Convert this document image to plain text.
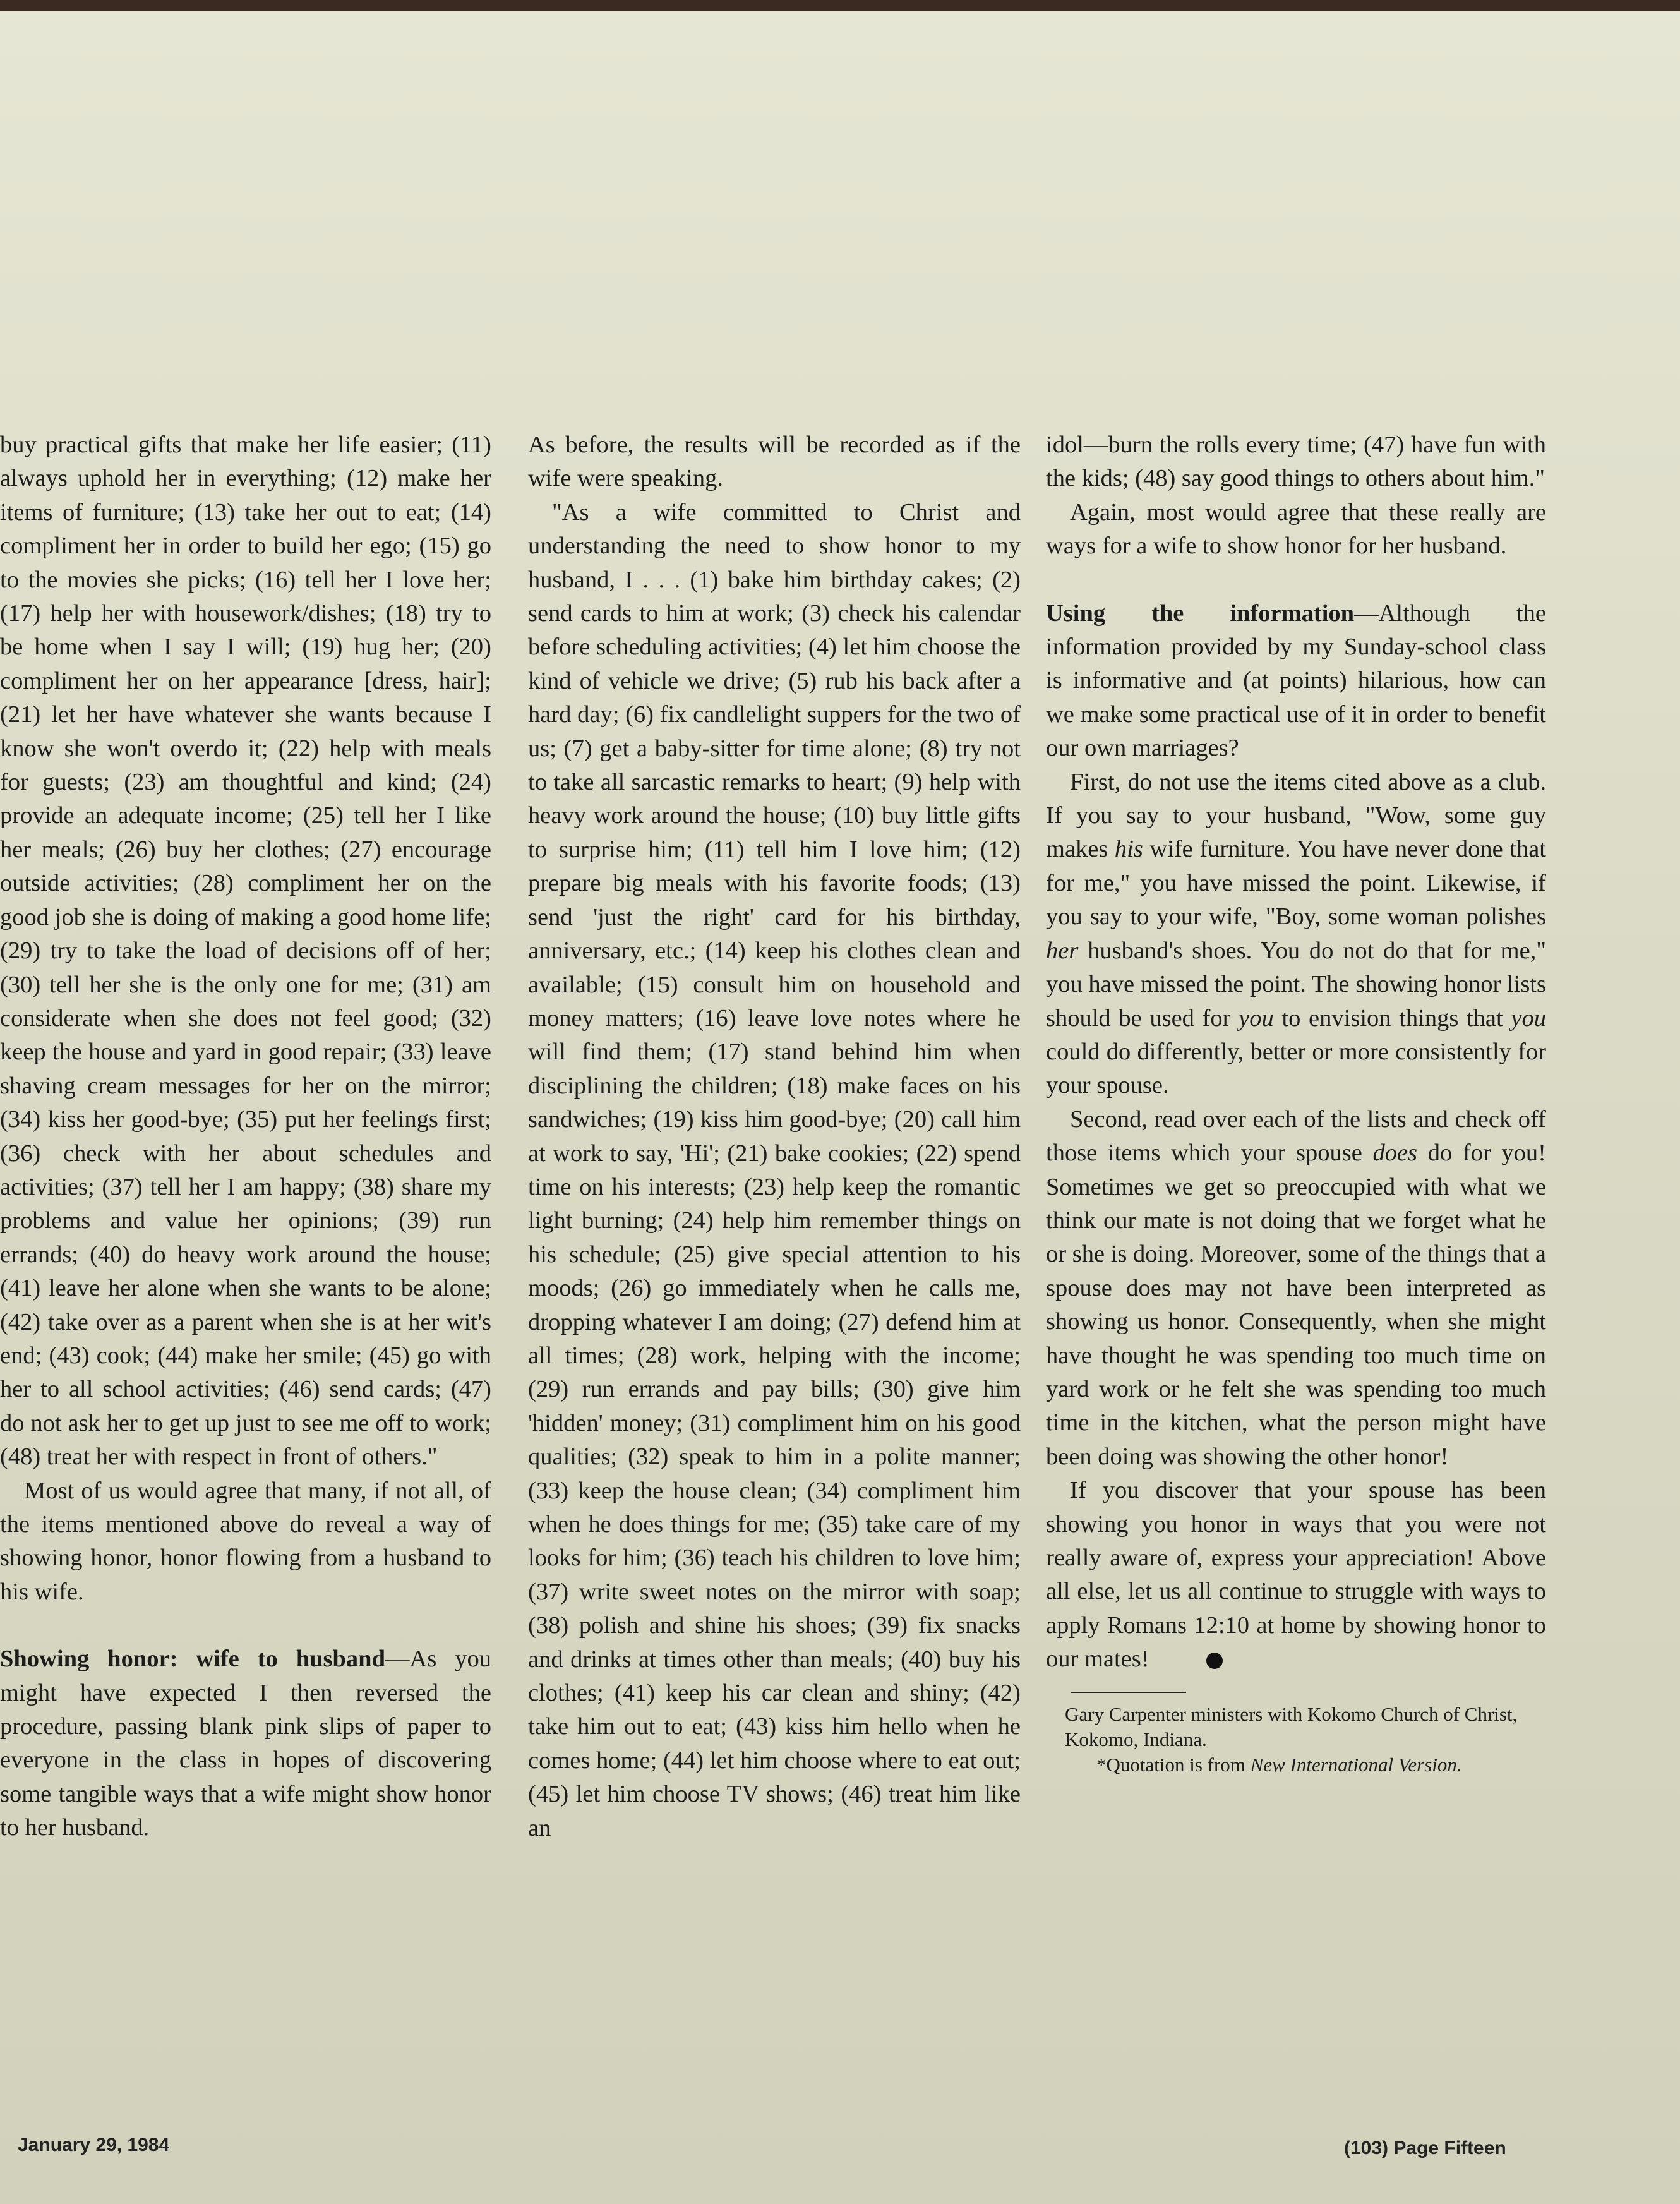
buy practical gifts that make her life easier; (11) always uphold her in everything; (12) make her items of furniture; (13) take her out to eat; (14) compliment her in order to build her ego; (15) go to the movies she picks; (16) tell her I love her; (17) help her with housework/dishes; (18) try to be home when I say I will; (19) hug her; (20) compliment her on her appearance [dress, hair]; (21) let her have whatever she wants because I know she won't overdo it; (22) help with meals for guests; (23) am thoughtful and kind; (24) provide an adequate income; (25) tell her I like her meals; (26) buy her clothes; (27) encourage outside activities; (28) compliment her on the good job she is doing of making a good home life; (29) try to take the load of decisions off of her; (30) tell her she is the only one for me; (31) am considerate when she does not feel good; (32) keep the house and yard in good repair; (33) leave shaving cream messages for her on the mirror; (34) kiss her good-bye; (35) put her feelings first; (36) check with her about schedules and activities; (37) tell her I am happy; (38) share my problems and value her opinions; (39) run errands; (40) do heavy work around the house; (41) leave her alone when she wants to be alone; (42) take over as a parent when she is at her wit's end; (43) cook; (44) make her smile; (45) go with her to all school activities; (46) send cards; (47) do not ask her to get up just to see me off to work; (48) treat her with respect in front of others."

Most of us would agree that many, if not all, of the items mentioned above do reveal a way of showing honor, honor flowing from a husband to his wife.

Showing honor: wife to husband—As you might have expected I then reversed the procedure, passing blank pink slips of paper to everyone in the class in hopes of discovering some tangible ways that a wife might show honor to her husband.

As before, the results will be recorded as if the wife were speaking.

"As a wife committed to Christ and understanding the need to show honor to my husband, I . . . (1) bake him birthday cakes; (2) send cards to him at work; (3) check his calendar before scheduling activities; (4) let him choose the kind of vehicle we drive; (5) rub his back after a hard day; (6) fix candlelight suppers for the two of us; (7) get a baby-sitter for time alone; (8) try not to take all sarcastic remarks to heart; (9) help with heavy work around the house; (10) buy little gifts to surprise him; (11) tell him I love him; (12) prepare big meals with his favorite foods; (13) send 'just the right' card for his birthday, anniversary, etc.; (14) keep his clothes clean and available; (15) consult him on household and money matters; (16) leave love notes where he will find them; (17) stand behind him when disciplining the children; (18) make faces on his sandwiches; (19) kiss him good-bye; (20) call him at work to say, 'Hi'; (21) bake cookies; (22) spend time on his interests; (23) help keep the romantic light burning; (24) help him remember things on his schedule; (25) give special attention to his moods; (26) go immediately when he calls me, dropping whatever I am doing; (27) defend him at all times; (28) work, helping with the income; (29) run errands and pay bills; (30) give him 'hidden' money; (31) compliment him on his good qualities; (32) speak to him in a polite manner; (33) keep the house clean; (34) compliment him when he does things for me; (35) take care of my looks for him; (36) teach his children to love him; (37) write sweet notes on the mirror with soap; (38) polish and shine his shoes; (39) fix snacks and drinks at times other than meals; (40) buy his clothes; (41) keep his car clean and shiny; (42) take him out to eat; (43) kiss him hello when he comes home; (44) let him choose where to eat out; (45) let him choose TV shows; (46) treat him like an

idol—burn the rolls every time; (47) have fun with the kids; (48) say good things to others about him."

Again, most would agree that these really are ways for a wife to show honor for her husband.

Using the information—Although the information provided by my Sunday-school class is informative and (at points) hilarious, how can we make some practical use of it in order to benefit our own marriages?

First, do not use the items cited above as a club. If you say to your husband, "Wow, some guy makes his wife furniture. You have never done that for me," you have missed the point. Likewise, if you say to your wife, "Boy, some woman polishes her husband's shoes. You do not do that for me," you have missed the point. The showing honor lists should be used for you to envision things that you could do differently, better or more consistently for your spouse.

Second, read over each of the lists and check off those items which your spouse does do for you! Sometimes we get so preoccupied with what we think our mate is not doing that we forget what he or she is doing. Moreover, some of the things that a spouse does may not have been interpreted as showing us honor. Consequently, when she might have thought he was spending too much time on yard work or he felt she was spending too much time in the kitchen, what the person might have been doing was showing the other honor!

If you discover that your spouse has been showing you honor in ways that you were not really aware of, express your appreciation! Above all else, let us all continue to struggle with ways to apply Romans 12:10 at home by showing honor to our mates!

Gary Carpenter ministers with Kokomo Church of Christ, Kokomo, Indiana.
*Quotation is from New International Version.
January 29, 1984	(103) Page Fifteen
